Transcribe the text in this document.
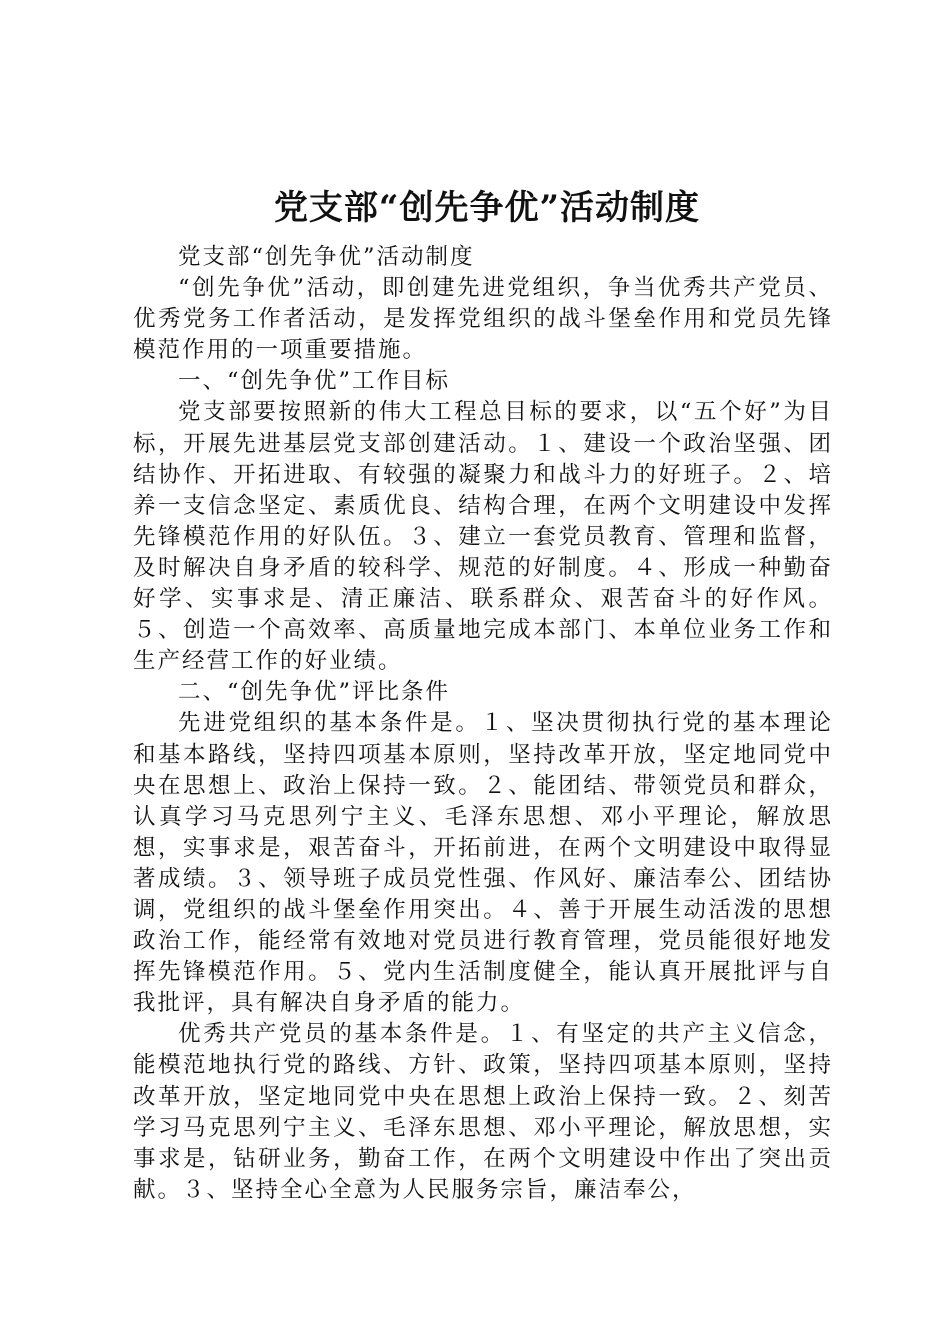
党支部“创先争优”活动制度

党支部“创先争优”活动制度

“创先争优”活动，即创建先进党组织，争当优秀共产党员、优秀党务工作者活动，是发挥党组织的战斗堡垒作用和党员先锋模范作用的一项重要措施。

一、“创先争优”工作目标

党支部要按照新的伟大工程总目标的要求，以“五个好”为目标，开展先进基层党支部创建活动。１、建设一个政治坚强、团结协作、开拓进取、有较强的凝聚力和战斗力的好班子。２、培养一支信念坚定、素质优良、结构合理，在两个文明建设中发挥先锋模范作用的好队伍。３、建立一套党员教育、管理和监督，及时解决自身矛盾的较科学、规范的好制度。４、形成一种勤奋好学、实事求是、清正廉洁、联系群众、艰苦奋斗的好作风。５、创造一个高效率、高质量地完成本部门、本单位业务工作和生产经营工作的好业绩。

二、“创先争优”评比条件

先进党组织的基本条件是。１、坚决贯彻执行党的基本理论和基本路线，坚持四项基本原则，坚持改革开放，坚定地同党中央在思想上、政治上保持一致。２、能团结、带领党员和群众，认真学习马克思列宁主义、毛泽东思想、邓小平理论，解放思想，实事求是，艰苦奋斗，开拓前进，在两个文明建设中取得显著成绩。３、领导班子成员党性强、作风好、廉洁奉公、团结协调，党组织的战斗堡垒作用突出。４、善于开展生动活泼的思想政治工作，能经常有效地对党员进行教育管理，党员能很好地发挥先锋模范作用。５、党内生活制度健全，能认真开展批评与自我批评，具有解决自身矛盾的能力。

优秀共产党员的基本条件是。１、有坚定的共产主义信念，能模范地执行党的路线、方针、政策，坚持四项基本原则，坚持改革开放，坚定地同党中央在思想上政治上保持一致。２、刻苦学习马克思列宁主义、毛泽东思想、邓小平理论，解放思想，实事求是，钻研业务，勤奋工作，在两个文明建设中作出了突出贡献。３、坚持全心全意为人民服务宗旨，廉洁奉公，
